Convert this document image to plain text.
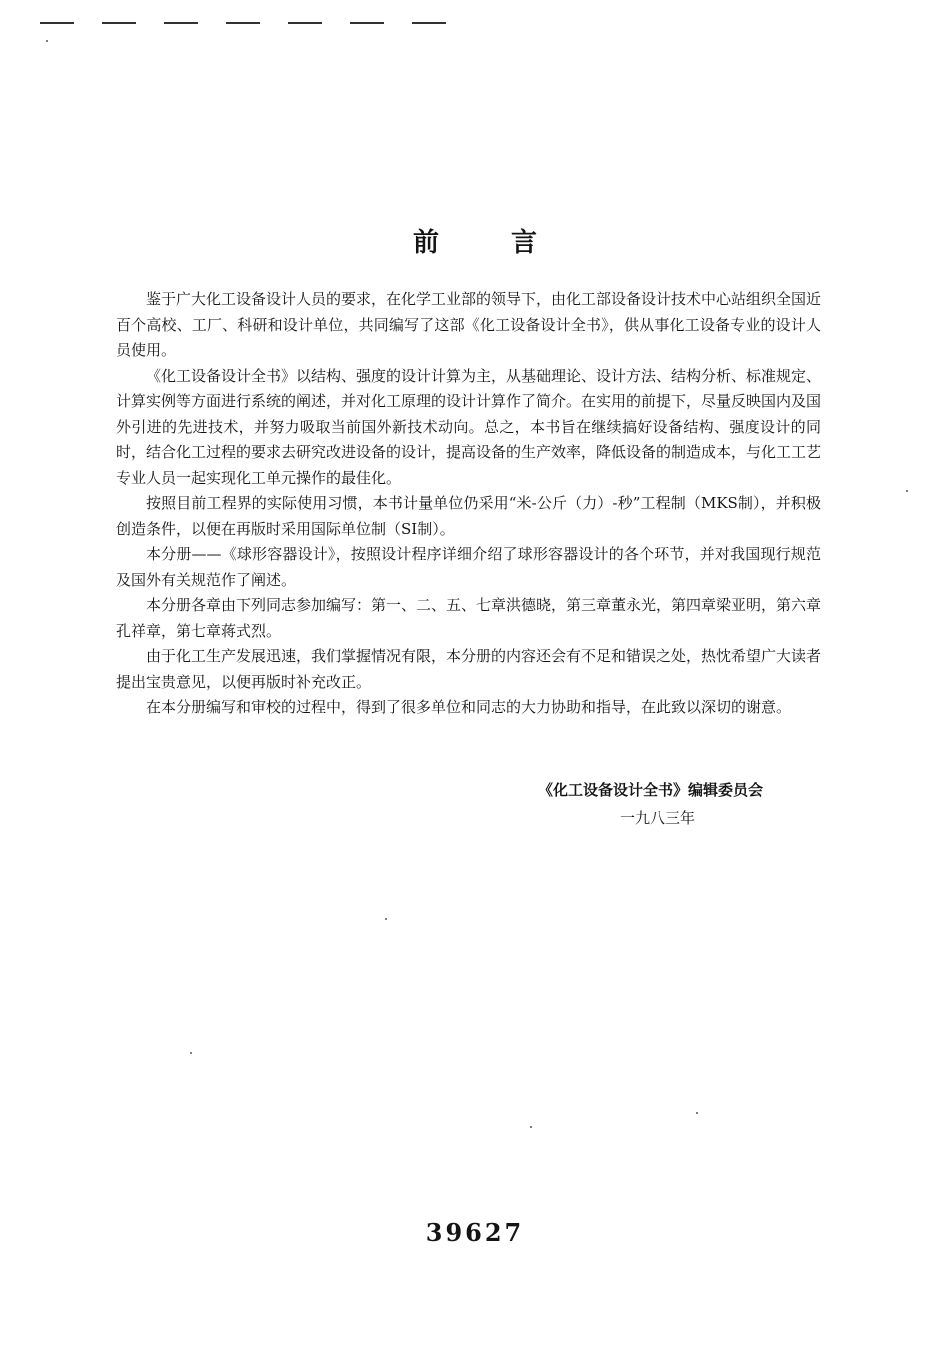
前言

鉴于广大化工设备设计人员的要求，在化学工业部的领导下，由化工部设备设计技术中心站组织全国近百个高校、工厂、科研和设计单位，共同编写了这部《化工设备设计全书》，供从事化工设备专业的设计人员使用。

《化工设备设计全书》以结构、强度的设计计算为主，从基础理论、设计方法、结构分析、标准规定、计算实例等方面进行系统的阐述，并对化工原理的设计计算作了简介。在实用的前提下，尽量反映国内及国外引进的先进技术，并努力吸取当前国外新技术动向。总之，本书旨在继续搞好设备结构、强度设计的同时，结合化工过程的要求去研究改进设备的设计，提高设备的生产效率，降低设备的制造成本，与化工工艺专业人员一起实现化工单元操作的最佳化。

按照目前工程界的实际使用习惯，本书计量单位仍采用“米-公斤（力）-秒”工程制（MKS制），并积极创造条件，以便在再版时采用国际单位制（SI制）。

本分册——《球形容器设计》，按照设计程序详细介绍了球形容器设计的各个环节，并对我国现行规范及国外有关规范作了阐述。

本分册各章由下列同志参加编写：第一、二、五、七章洪德晓，第三章董永光，第四章梁亚明，第六章孔祥章，第七章蒋式烈。

由于化工生产发展迅速，我们掌握情况有限，本分册的内容还会有不足和错误之处，热忱希望广大读者提出宝贵意见，以便再版时补充改正。

在本分册编写和审校的过程中，得到了很多单位和同志的大力协助和指导，在此致以深切的谢意。

《化工设备设计全书》编辑委员会
一九八三年
39627
